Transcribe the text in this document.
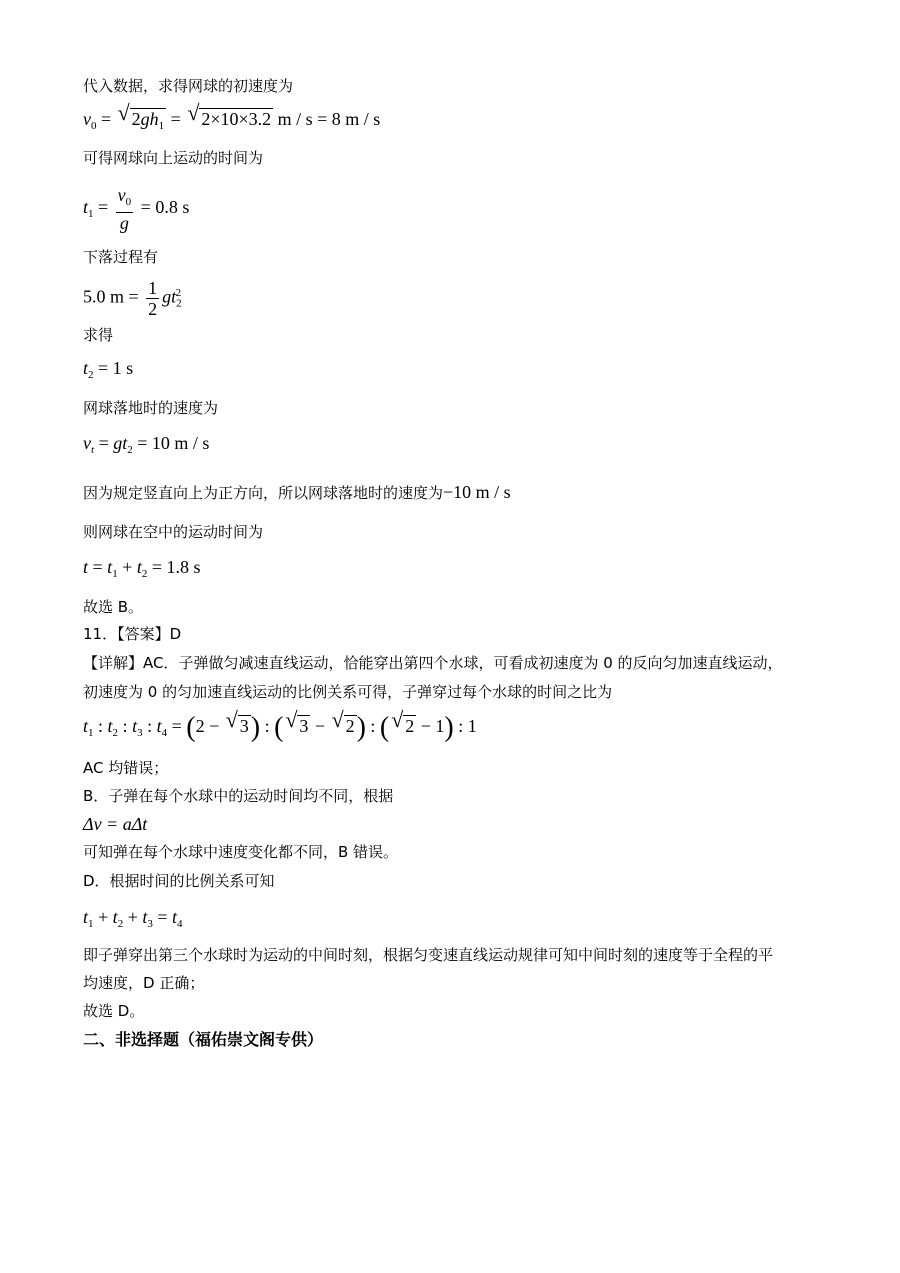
代入数据，求得网球的初速度为
$v_0$ = √ $2gh_1$ = √ 2×10×3.2 m / s = 8 m / s
可得网球向上运动的时间为
$t_1 = \frac{v_0}{g} = 0.8$ s
下落过程有
5.0 $m = \frac{1}{2} gt_2^2$
求得
$t_2 = 1$ s
网球落地时的速度为
$v_t = gt_2 = 10$ m / s
因为规定竖直向上为正方向，所以网球落地时的速度为−10 m / s
则网球在空中的运动时间为
$t = t_1 + t_2 = 1.8$ s
故选 B。
11．【答案】D
【详解】AC．子弹做匀减速直线运动，恰能穿出第四个水球，可看成初速度为 0 的反向匀加速直线运动，
初速度为 0 的匀加速直线运动的比例关系可得，子弹穿过每个水球的时间之比为
$t_1$ : $t_2$ : $t_3$ : $t_4 = (2$ − √ 3) : ( √ 3 − √ 2) : ( √ 2 − 1) : 1
AC 均错误；
B．子弹在每个水球中的运动时间均不同，根据
Δv = aΔt
可知弹在每个水球中速度变化都不同，B 错误。
D．根据时间的比例关系可知
$t_1 + t_2 + t_3 = t_4$
即子弹穿出第三个水球时为运动的中间时刻，根据匀变速直线运动规律可知中间时刻的速度等于全程的平
均速度，D 正确；
故选 D。
二、非选择题（福佑崇文阁专供）
